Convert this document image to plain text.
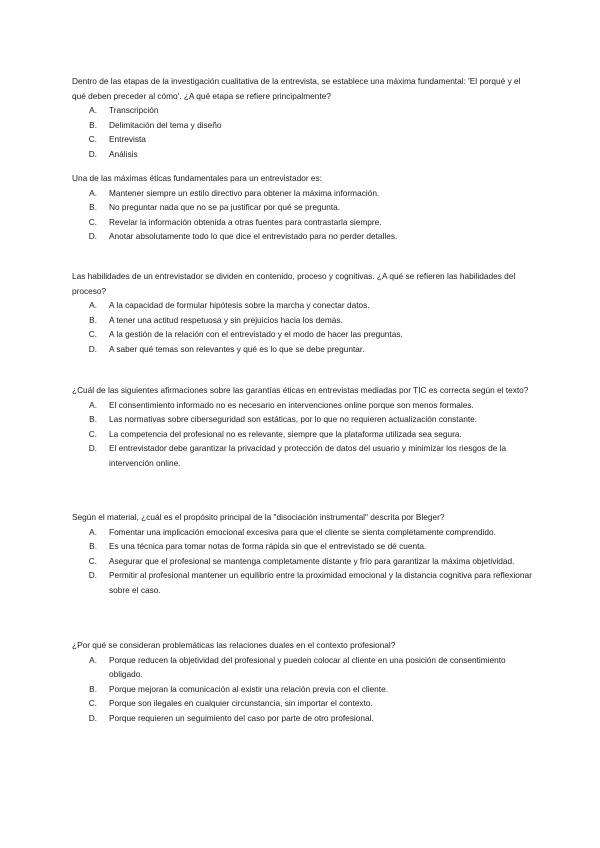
Dentro de las etapas de la investigación cualitativa de la entrevista, se establece una máxima fundamental: 'El porqué y el qué deben preceder al cómo'. ¿A qué etapa se refiere principalmente?

A.	Transcripción
B.	Delimitación del tema y diseño
C.	Entrevista
D.	Análisis

Una de las máximas éticas fundamentales para un entrevistador es:

A.	Mantener siempre un estilo directivo para obtener la máxima información.
B.	No preguntar nada que no se pa justificar por qué se pregunta.
C.	Revelar la información obtenida a otras fuentes para contrastarla siempre.
D.	Anotar absolutamente todo lo que dice el entrevistado para no perder detalles.

Las habilidades de un entrevistador se dividen en contenido, proceso y cognitivas. ¿A qué se refieren las habilidades del proceso?

A.	A la capacidad de formular hipótesis sobre la marcha y conectar datos.
B.	A tener una actitud respetuosa y sin prejuicios hacia los demás.
C.	A la gestión de la relación con el entrevistado y el modo de hacer las preguntas.
D.	A saber qué temas son relevantes y qué es lo que se debe preguntar.

¿Cuál de las siguientes afirmaciones sobre las garantías éticas en entrevistas mediadas por TIC es correcta según el texto?

A.	El consentimiento informado no es necesario en intervenciones online porque son menos formales.
B.	Las normativas sobre ciberseguridad son estáticas, por lo que no requieren actualización constante.
C.	La competencia del profesional no es relevante, siempre que la plataforma utilizada sea segura.
D.	El entrevistador debe garantizar la privacidad y protección de datos del usuario y minimizar los riesgos de la intervención online.

Según el material, ¿cuál es el propósito principal de la "disociación instrumental" descrita por Bleger?

A.	Fomentar una implicación emocional excesiva para que el cliente se sienta completamente comprendido.
B.	Es una técnica para tomar notas de forma rápida sin que el entrevistado se dé cuenta.
C.	Asegurar que el profesional se mantenga completamente distante y frío para garantizar la máxima objetividad.
D.	Permitir al profesional mantener un equilibrio entre la proximidad emocional y la distancia cognitiva para reflexionar sobre el caso.

¿Por qué se consideran problemáticas las relaciones duales en el contexto profesional?

A.	Porque reducen la objetividad del profesional y pueden colocar al cliente en una posición de consentimiento obligado.
B.	Porque mejoran la comunicación al existir una relación previa con el cliente.
C.	Porque son ilegales en cualquier circunstancia, sin importar el contexto.
D.	Porque requieren un seguimiento del caso por parte de otro profesional.
